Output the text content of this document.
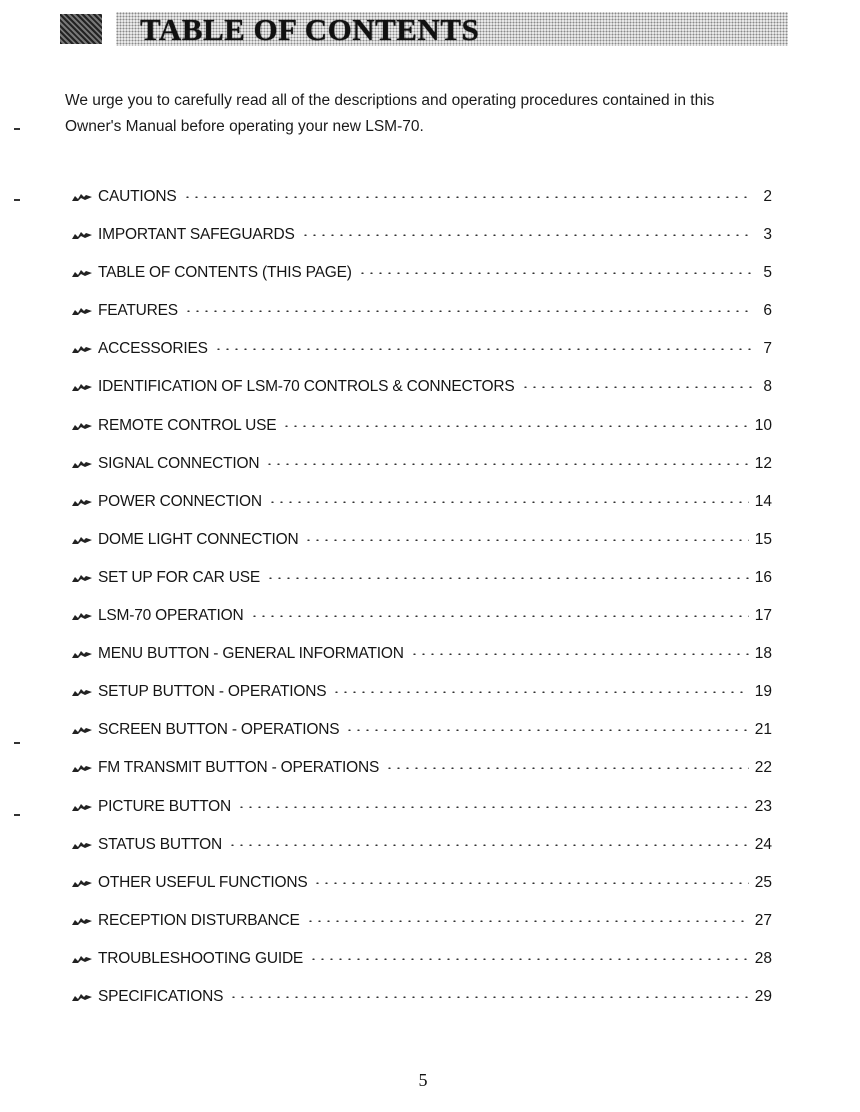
TABLE OF CONTENTS

We urge you to carefully read all of the descriptions and operating procedures contained in this

Owner's Manual before operating your new LSM-70.

CAUTIONS	2
IMPORTANT SAFEGUARDS	3
TABLE OF CONTENTS (THIS PAGE)	5
FEATURES	6
ACCESSORIES	7
IDENTIFICATION OF LSM-70 CONTROLS & CONNECTORS	8
REMOTE CONTROL USE	10
SIGNAL CONNECTION	12
POWER CONNECTION	14
DOME LIGHT CONNECTION	15
SET UP FOR CAR USE	16
LSM-70 OPERATION	17
MENU BUTTON - GENERAL INFORMATION	18
SETUP BUTTON - OPERATIONS	19
SCREEN BUTTON - OPERATIONS	21
FM TRANSMIT BUTTON - OPERATIONS	22
PICTURE BUTTON	23
STATUS BUTTON	24
OTHER USEFUL FUNCTIONS	25
RECEPTION DISTURBANCE	27
TROUBLESHOOTING GUIDE	28
SPECIFICATIONS	29
5
